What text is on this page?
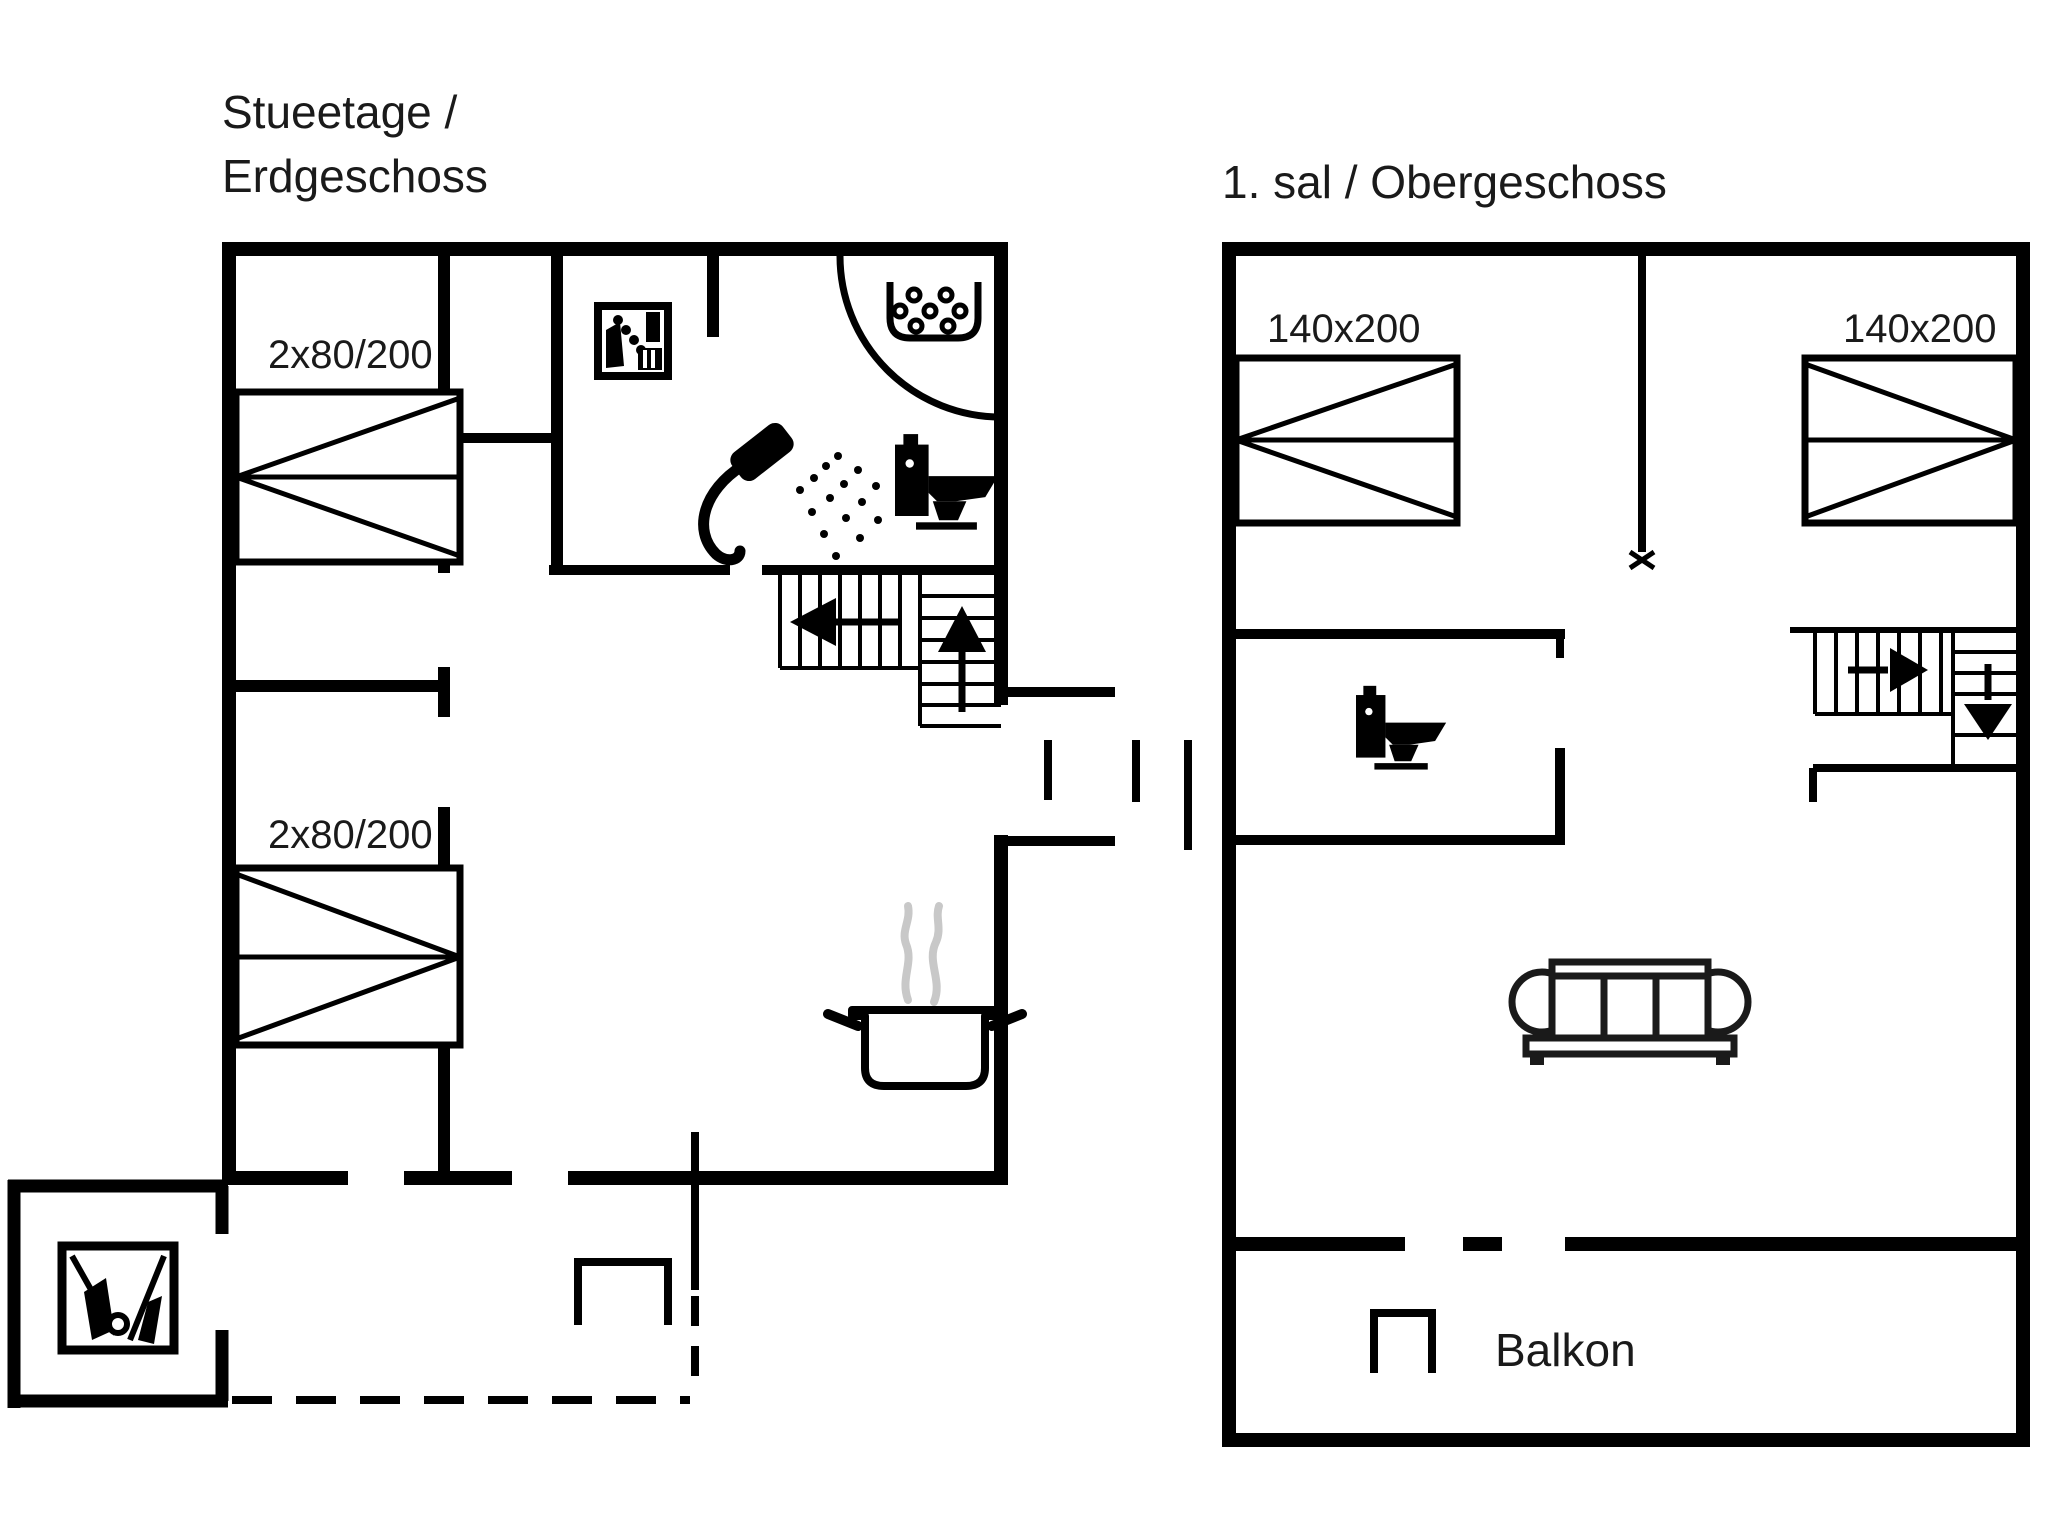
Stueetage /
Erdgeschoss
2x80/200
2x80/200
1. sal / Obergeschoss
140x200	140x200
Balkon
